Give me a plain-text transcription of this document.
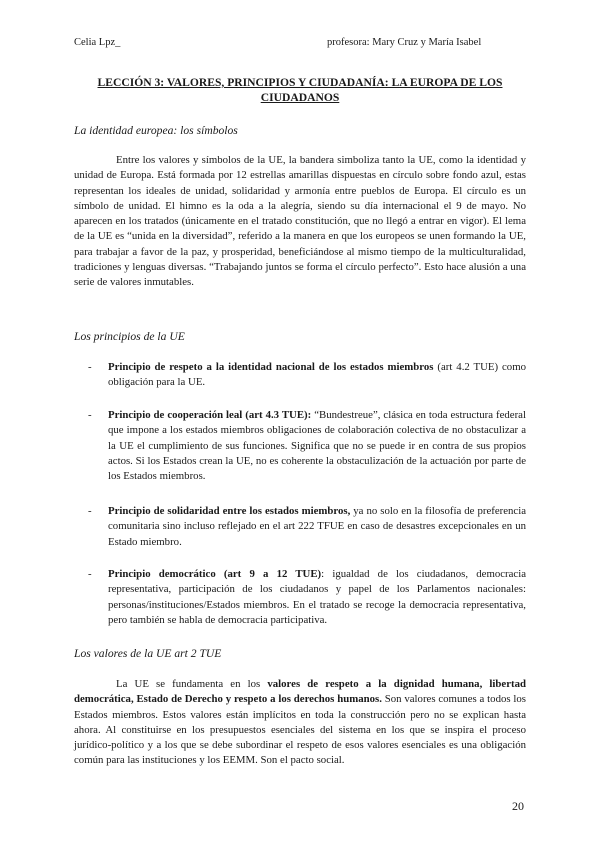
Celia Lpz_	profesora: Mary Cruz y María Isabel
LECCIÓN 3: VALORES, PRINCIPIOS Y CIUDADANÍA: LA EUROPA DE LOS CIUDADANOS
La identidad europea: los símbolos

Entre los valores y símbolos de la UE, la bandera simboliza tanto la UE, como la identidad y unidad de Europa. Está formada por 12 estrellas amarillas dispuestas en círculo sobre fondo azul, estas representan los ideales de unidad, solidaridad y armonía entre pueblos de Europa. El círculo es un símbolo de unidad. El himno es la oda a la alegría, siendo su día internacional el 9 de mayo. No aparecen en los tratados (únicamente en el tratado constitución, que no llegó a entrar en vigor). El lema de la UE es “unida en la diversidad”, referido a la manera en que los europeos se unen formando la UE, para trabajar a favor de la paz, y prosperidad, beneficiándose al mismo tiempo de la multiculturalidad, tradiciones y lenguas diversas. “Trabajando juntos se forma el círculo perfecto”. Esto hace alusión a una serie de valores inmutables.

Los principios de la UE
- Principio de respeto a la identidad nacional de los estados miembros (art 4.2 TUE) como obligación para la UE.
- Principio de cooperación leal (art 4.3 TUE): “Bundestreue”, clásica en toda estructura federal que impone a los estados miembros obligaciones de colaboración colectiva de no obstaculizar a la UE el cumplimiento de sus funciones. Significa que no se puede ir en contra de sus propios actos. Si los Estados crean la UE, no es coherente la obstaculización de la actuación por parte de los Estados miembros.
- Principio de solidaridad entre los estados miembros, ya no solo en la filosofía de preferencia comunitaria sino incluso reflejado en el art 222 TFUE en caso de desastres excepcionales en un Estado miembro.
- Principio democrático (art 9 a 12 TUE): igualdad de los ciudadanos, democracia representativa, participación de los ciudadanos y papel de los Parlamentos nacionales: personas/instituciones/Estados miembros. En el tratado se recoge la democracia representativa, pero también se habla de democracia participativa.
Los valores de la UE art 2 TUE

La UE se fundamenta en los valores de respeto a la dignidad humana, libertad democrática, Estado de Derecho y respeto a los derechos humanos. Son valores comunes a todos los Estados miembros. Estos valores están implícitos en toda la construcción pero no se explican hasta ahora. Al constituirse en los presupuestos esenciales del sistema en los que se inspira el proceso jurídico-político y a los que se debe subordinar el respeto de esos valores esenciales es una obligación común para las instituciones y los EEMM. Son el pacto social.

20
